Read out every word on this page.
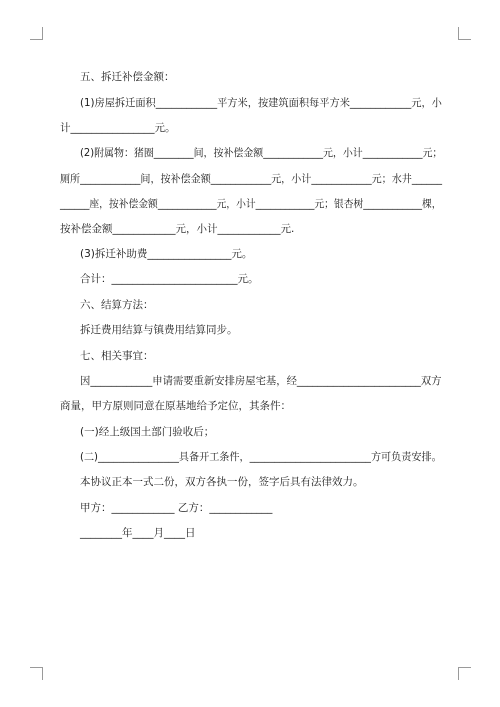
五、拆迁补偿金额：
(1)房屋拆迁面积____________平方米，按建筑面积每平方米____________元，小
计________________元。
(2)附属物：猪圈________间，按补偿金额____________元，小计____________元；
厕所____________间，按补偿金额____________元，小计____________元；水井______
______座，按补偿金额____________元，小计____________元；银杏树____________棵，
按补偿金额____________元，小计____________元.
(3)拆迁补助费________________元。
合计：________________________元。
六、结算方法：
拆迁费用结算与镇费用结算同步。
七、相关事宜：
因____________申请需要重新安排房屋宅基，经________________________双方
商量，甲方原则同意在原基地给予定位，其条件：
(一)经上级国土部门验收后；
(二)________________具备开工条件，________________________方可负责安排。
本协议正本一式二份，双方各执一份，签字后具有法律效力。
甲方：____________ 乙方：____________
________年____月____日
